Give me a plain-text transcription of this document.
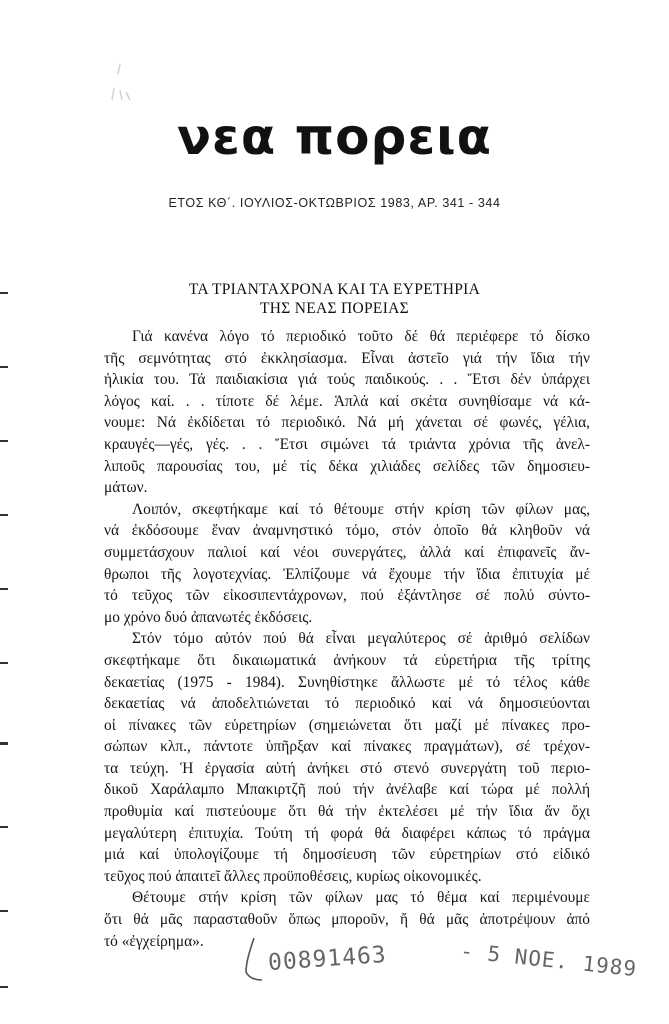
νεα πορεια
ΕΤΟΣ ΚΘ΄. ΙΟΥΛΙΟΣ-ΟΚΤΩΒΡΙΟΣ 1983, ΑΡ. 341 - 344
ΤΑ ΤΡΙΑΝΤΑΧΡΟΝΑ ΚΑΙ ΤΑ ΕΥΡΕΤΗΡΙΑ
ΤΗΣ ΝΕΑΣ ΠΟΡΕΙΑΣ
Γιά κανένα λόγο τό περιοδικό τοῦτο δέ θά περιέφερε τό δίσκο
τῆς σεμνότητας στό ἐκκλησίασμα. Εἶναι ἀστεῖο γιά τήν ἴδια τήν
ἡλικία του. Τά παιδιακίσια γιά τούς παιδικούς. . . Ἔτσι δέν ὑπάρχει
λόγος καί. . . τίποτε δέ λέμε. Ἁπλά καί σκέτα συνηθίσαμε νά κά-
νουμε: Νά ἐκδίδεται τό περιοδικό. Νά μή χάνεται σέ φωνές, γέλια,
κραυγές—γές, γές. . . Ἔτσι σιμώνει τά τριάντα χρόνια τῆς ἀνελ-
λιποῦς παρουσίας του, μέ τίς δέκα χιλιάδες σελίδες τῶν δημοσιευ-
μάτων.
Λοιπόν, σκεφτήκαμε καί τό θέτουμε στήν κρίση τῶν φίλων μας,
νά ἐκδόσουμε ἕναν ἀναμνηστικό τόμο, στόν ὁποῖο θά κληθοῦν νά
συμμετάσχουν παλιοί καί νέοι συνεργάτες, ἀλλά καί ἐπιφανεῖς ἄν-
θρωποι τῆς λογοτεχνίας. Ἐλπίζουμε νά ἔχουμε τήν ἴδια ἐπιτυχία μέ
τό τεῦχος τῶν εἰκοσιπεντάχρονων, πού ἐξάντλησε σέ πολύ σύντο-
μο χρόνο δυό ἀπανωτές ἐκδόσεις.
Στόν τόμο αὐτόν πού θά εἶναι μεγαλύτερος σέ ἀριθμό σελίδων
σκεφτήκαμε ὅτι δικαιωματικά ἀνήκουν τά εὑρετήρια τῆς τρίτης
δεκαετίας (1975 - 1984). Συνηθίστηκε ἄλλωστε μέ τό τέλος κάθε
δεκαετίας νά ἀποδελτιώνεται τό περιοδικό καί νά δημοσιεύονται
οἱ πίνακες τῶν εὑρετηρίων (σημειώνεται ὅτι μαζί μέ πίνακες προ-
σώπων κλπ., πάντοτε ὑπῆρξαν καί πίνακες πραγμάτων), σέ τρέχον-
τα τεύχη. Ἡ ἐργασία αὐτή ἀνήκει στό στενό συνεργάτη τοῦ περιο-
δικοῦ Χαράλαμπο Μπακιρτζῆ πού τήν ἀνέλαβε καί τώρα μέ πολλή
προθυμία καί πιστεύουμε ὅτι θά τήν ἐκτελέσει μέ τήν ἴδια ἄν ὄχι
μεγαλύτερη ἐπιτυχία. Τούτη τή φορά θά διαφέρει κάπως τό πράγμα
μιά καί ὑπολογίζουμε τή δημοσίευση τῶν εὑρετηρίων στό εἰδικό
τεῦχος πού ἀπαιτεῖ ἄλλες προϋποθέσεις, κυρίως οἰκονομικές.
Θέτουμε στήν κρίση τῶν φίλων μας τό θέμα καί περιμένουμε
ὅτι θά μᾶς παρασταθοῦν ὅπως μποροῦν, ἤ θά μᾶς ἀποτρέψουν ἀπό
τό «ἐγχείρημα».
00891463	- 5 NOE. 1989
